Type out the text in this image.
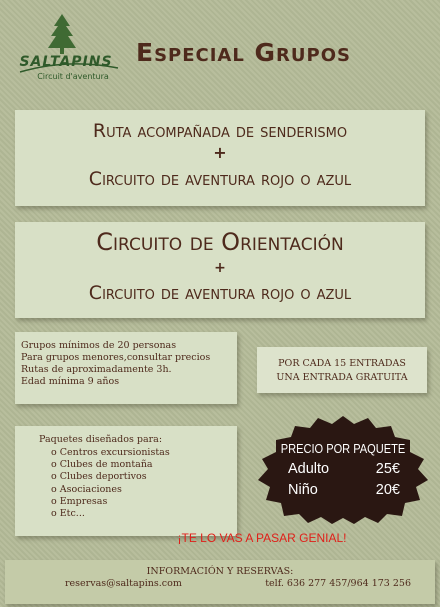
SALTAPINS
Circuit d'aventura
Especial Grupos
Ruta acompañada de senderismo
+
Circuito de aventura rojo o azul
Circuito de Orientación
+
Circuito de aventura rojo o azul
Grupos mínimos de 20 personas
Para grupos menores,consultar precios
Rutas de aproximadamente 3h.
Edad mínima 9 años
POR CADA 15 ENTRADAS
UNA ENTRADA GRATUITA
Paquetes diseñados para:
o Centros excursionistas
o Clubes de montaña
o Clubes deportivos
o Asociaciones
o Empresas
o Etc...
PRECIO POR PAQUETE
Adulto	25€
Niño	20€
¡TE LO VAS A PASAR GENIAL!
INFORMACIÓN Y RESERVAS:
reservas@saltapins.com	telf. 636 277 457/964 173 256
